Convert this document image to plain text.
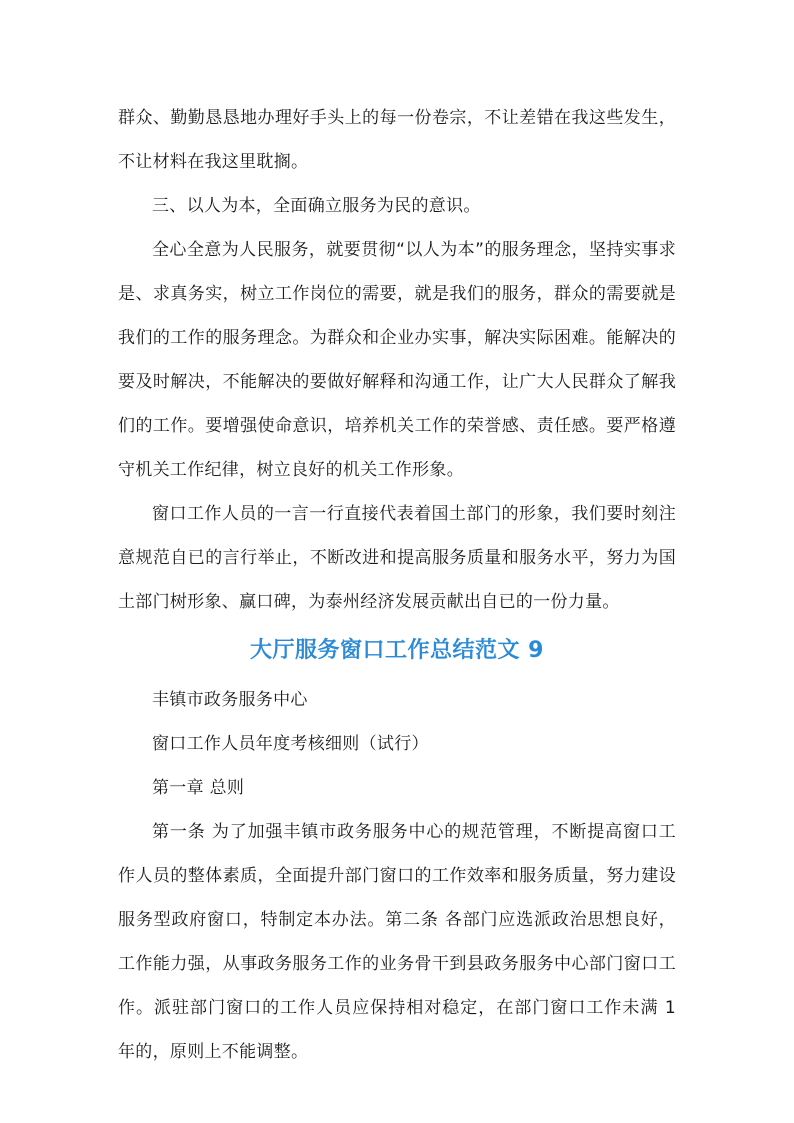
群众、勤勤恳恳地办理好手头上的每一份卷宗，不让差错在我这些发生，不让材料在我这里耽搁。

三、以人为本，全面确立服务为民的意识。

全心全意为人民服务，就要贯彻“以人为本”的服务理念，坚持实事求是、求真务实，树立工作岗位的需要，就是我们的服务，群众的需要就是我们的工作的服务理念。为群众和企业办实事，解决实际困难。能解决的要及时解决，不能解决的要做好解释和沟通工作，让广大人民群众了解我们的工作。要增强使命意识，培养机关工作的荣誉感、责任感。要严格遵守机关工作纪律，树立良好的机关工作形象。

窗口工作人员的一言一行直接代表着国土部门的形象，我们要时刻注意规范自已的言行举止，不断改进和提高服务质量和服务水平，努力为国土部门树形象、赢口碑，为泰州经济发展贡献出自已的一份力量。

大厅服务窗口工作总结范文 9

丰镇市政务服务中心

窗口工作人员年度考核细则（试行）

第一章 总则

第一条 为了加强丰镇市政务服务中心的规范管理，不断提高窗口工作人员的整体素质，全面提升部门窗口的工作效率和服务质量，努力建设服务型政府窗口，特制定本办法。第二条 各部门应选派政治思想良好，工作能力强，从事政务服务工作的业务骨干到县政务服务中心部门窗口工作。派驻部门窗口的工作人员应保持相对稳定，在部门窗口工作未满 1 年的，原则上不能调整。
